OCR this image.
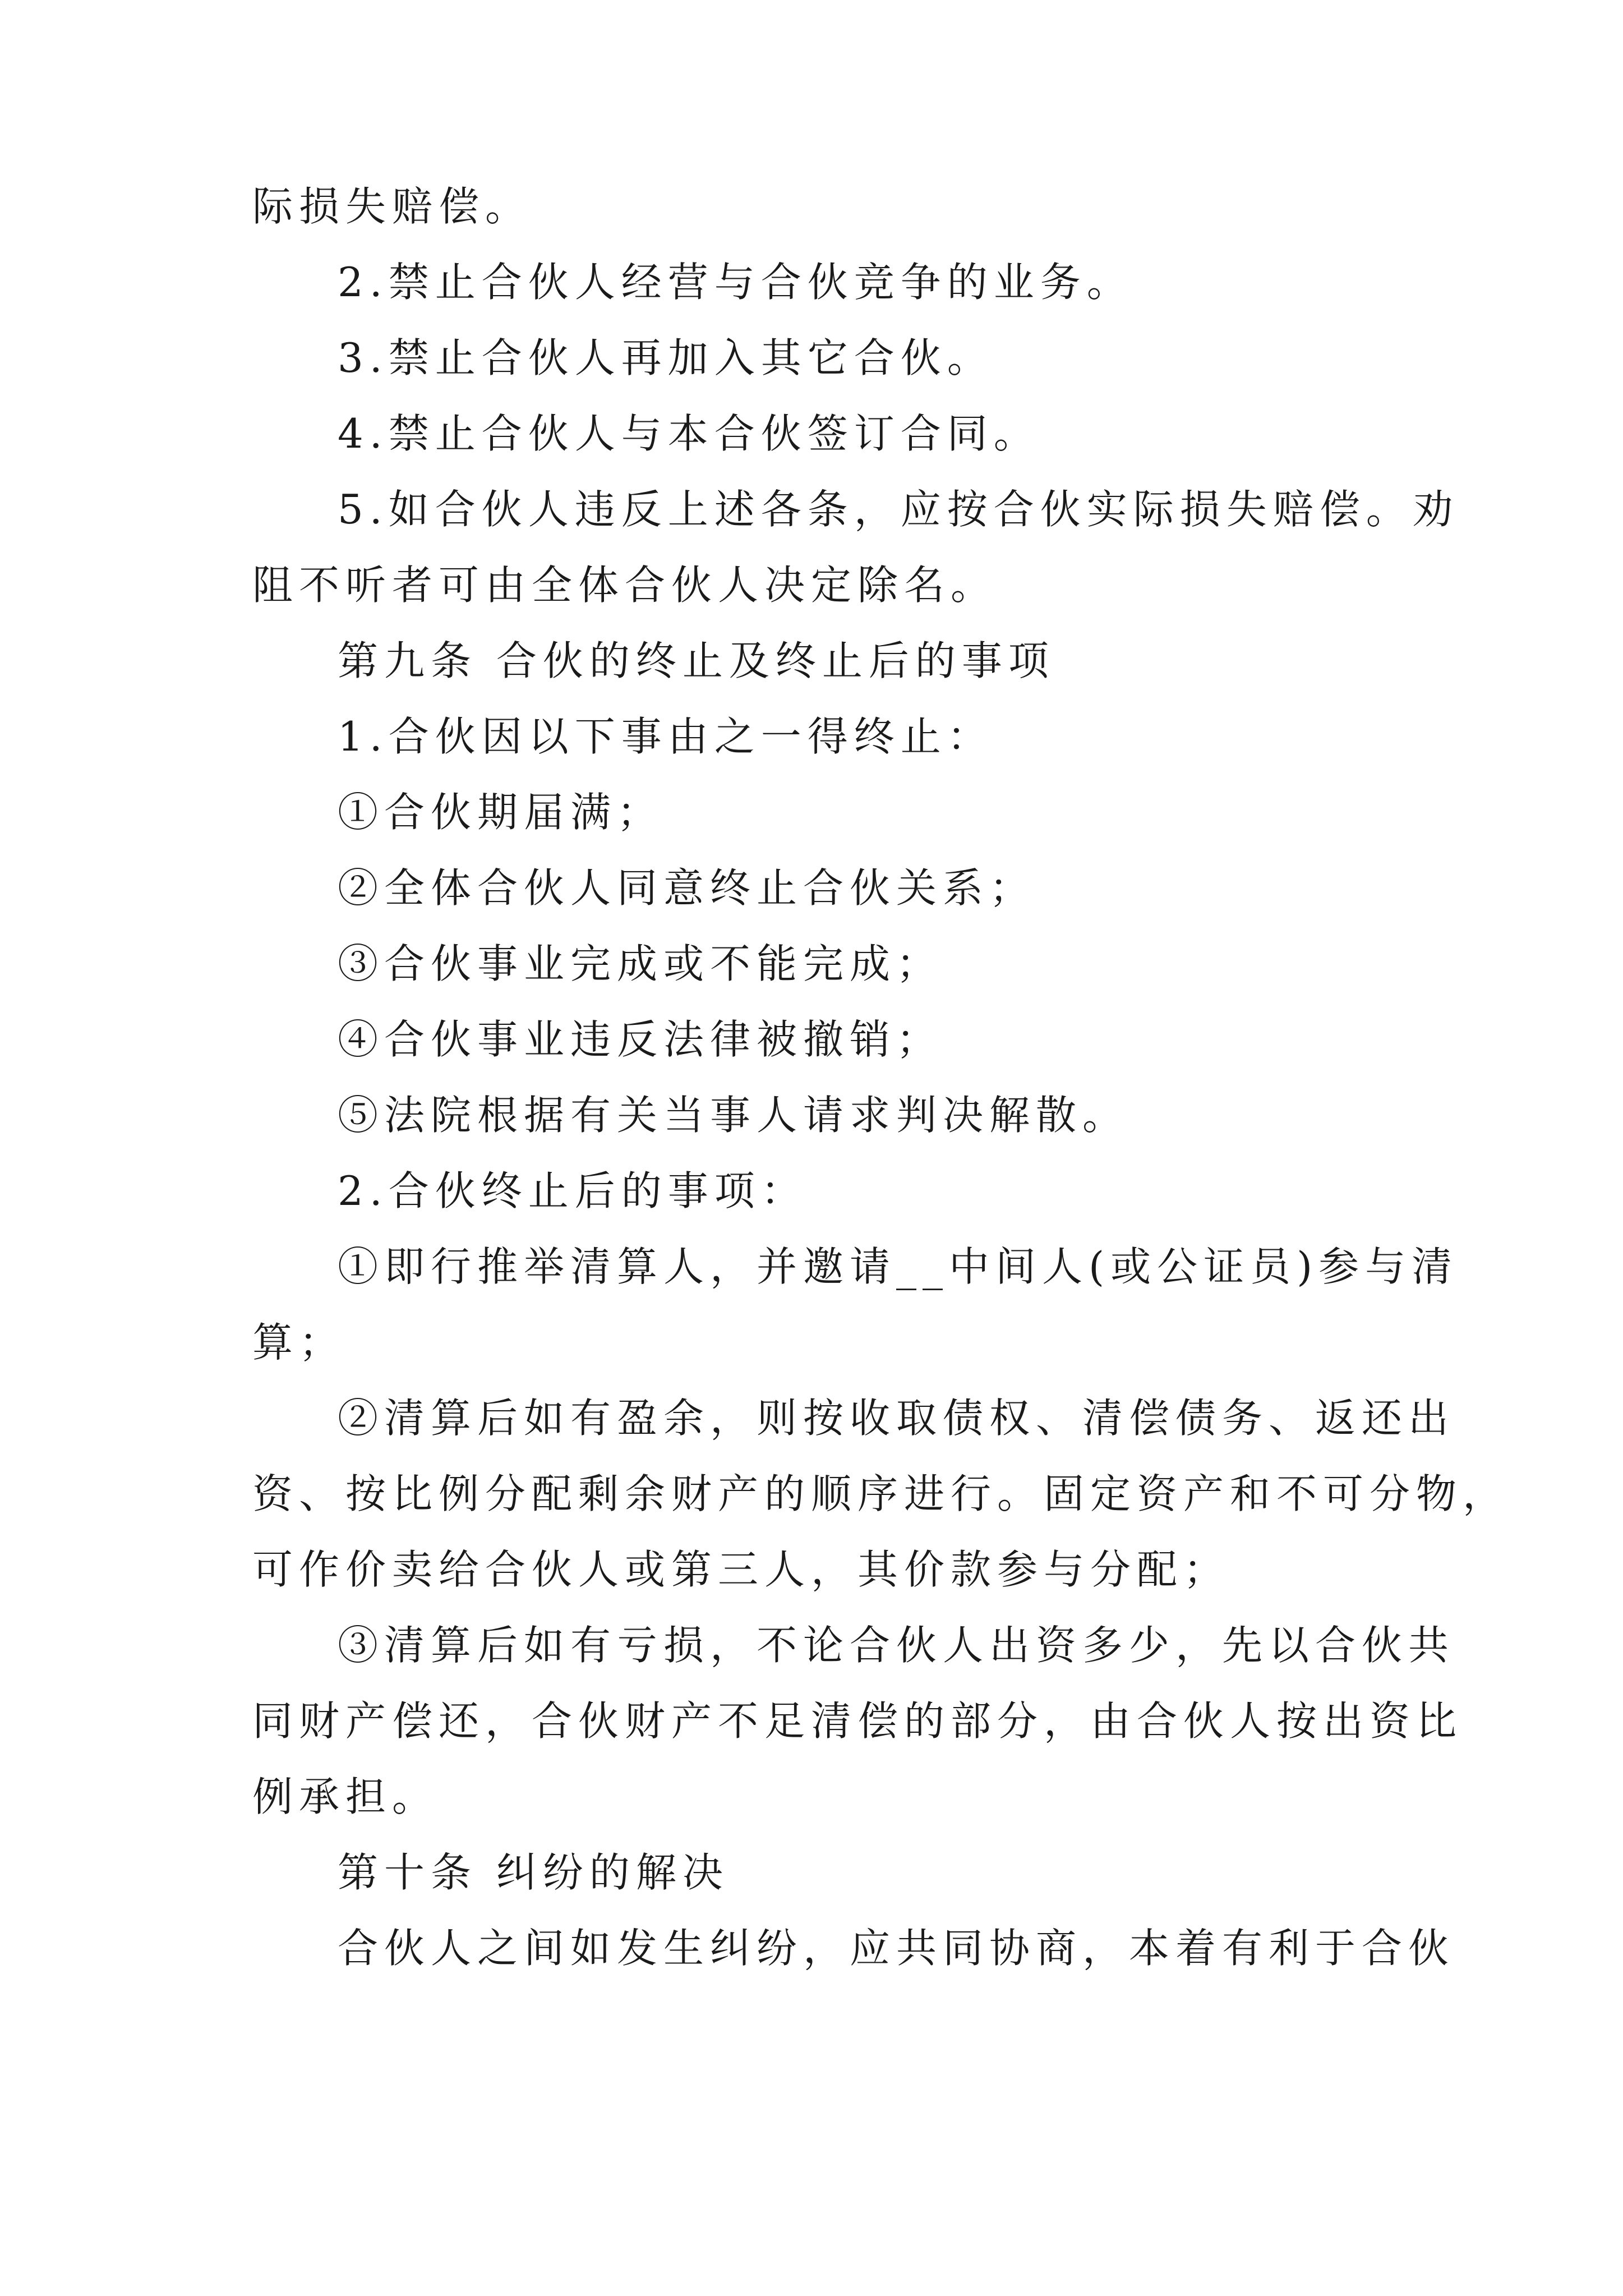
际损失赔偿。
2.禁止合伙人经营与合伙竞争的业务。
3.禁止合伙人再加入其它合伙。
4.禁止合伙人与本合伙签订合同。
5.如合伙人违反上述各条，应按合伙实际损失赔偿。劝
阻不听者可由全体合伙人决定除名。
第九条 合伙的终止及终止后的事项
1.合伙因以下事由之一得终止：
①合伙期届满；
②全体合伙人同意终止合伙关系；
③合伙事业完成或不能完成；
④合伙事业违反法律被撤销；
⑤法院根据有关当事人请求判决解散。
2.合伙终止后的事项：
①即行推举清算人，并邀请__中间人(或公证员)参与清
算；
②清算后如有盈余，则按收取债权、清偿债务、返还出
资、按比例分配剩余财产的顺序进行。固定资产和不可分物，
可作价卖给合伙人或第三人，其价款参与分配；
③清算后如有亏损，不论合伙人出资多少，先以合伙共
同财产偿还，合伙财产不足清偿的部分，由合伙人按出资比
例承担。
第十条 纠纷的解决
合伙人之间如发生纠纷，应共同协商，本着有利于合伙
